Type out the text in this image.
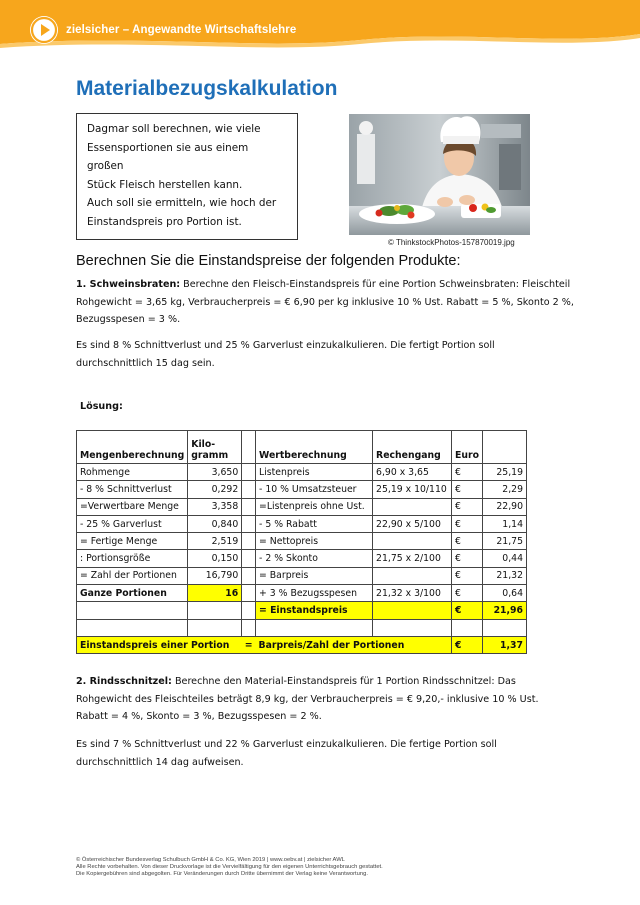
zielsicher – Angewandte Wirtschaftslehre
Materialbezugskalkulation
Dagmar soll berechnen, wie viele
Essensportionen sie aus einem großen
Stück Fleisch herstellen kann.
Auch soll sie ermitteln, wie hoch der
Einstandspreis pro Portion ist.
© ThinkstockPhotos-157870019.jpg
Berechnen Sie die Einstandspreise der folgenden Produkte:
1. Schweinsbraten: Berechne den Fleisch-Einstandspreis für eine Portion Schweinsbraten: Fleischteil
Rohgewicht = 3,65 kg, Verbraucherpreis = € 6,90 per kg inklusive 10 % Ust. Rabatt = 5 %, Skonto 2 %,
Bezugsspesen = 3 %.
Es sind 8 % Schnittverlust und 25 % Garverlust einzukalkulieren. Die fertigt Portion soll
durchschnittlich 15 dag sein.
Lösung:
Mengenberechnung	Kilo-
gramm		Wertberechnung	Rechengang	Euro	
Rohmenge	3,650		Listenpreis	6,90 x 3,65	€	25,19
- 8 % Schnittverlust	0,292		- 10 % Umsatzsteuer	25,19 x 10/110	€	2,29
=Verwertbare Menge	3,358		=Listenpreis ohne Ust.		€	22,90
- 25 % Garverlust	0,840		- 5 % Rabatt	22,90 x 5/100	€	1,14
= Fertige Menge	2,519		= Nettopreis		€	21,75
: Portionsgröße	0,150		- 2 % Skonto	21,75 x 2/100	€	0,44
= Zahl der Portionen	16,790		= Barpreis		€	21,32
Ganze Portionen	16		+ 3 % Bezugsspesen	21,32 x 3/100	€	0,64
			= Einstandspreis		€	21,96

Einstandspreis einer Portion		=	Barpreis/Zahl der Portionen		€	1,37
2. Rindsschnitzel: Berechne den Material-Einstandspreis für 1 Portion Rindsschnitzel: Das
Rohgewicht des Fleischteiles beträgt 8,9 kg, der Verbraucherpreis = € 9,20,- inklusive 10 % Ust.
Rabatt = 4 %, Skonto = 3 %, Bezugsspesen = 2 %.
Es sind 7 % Schnittverlust und 22 % Garverlust einzukalkulieren. Die fertige Portion soll
durchschnittlich 14 dag aufweisen.
© Österreichischer Bundesverlag Schulbuch GmbH & Co. KG, Wien 2019 | www.oebv.at | zielsicher AWL
Alle Rechte vorbehalten. Von dieser Druckvorlage ist die Vervielfältigung für den eigenen Unterrichtsgebrauch gestattet.
Die Kopiergebühren sind abgegolten. Für Veränderungen durch Dritte übernimmt der Verlag keine Verantwortung.
